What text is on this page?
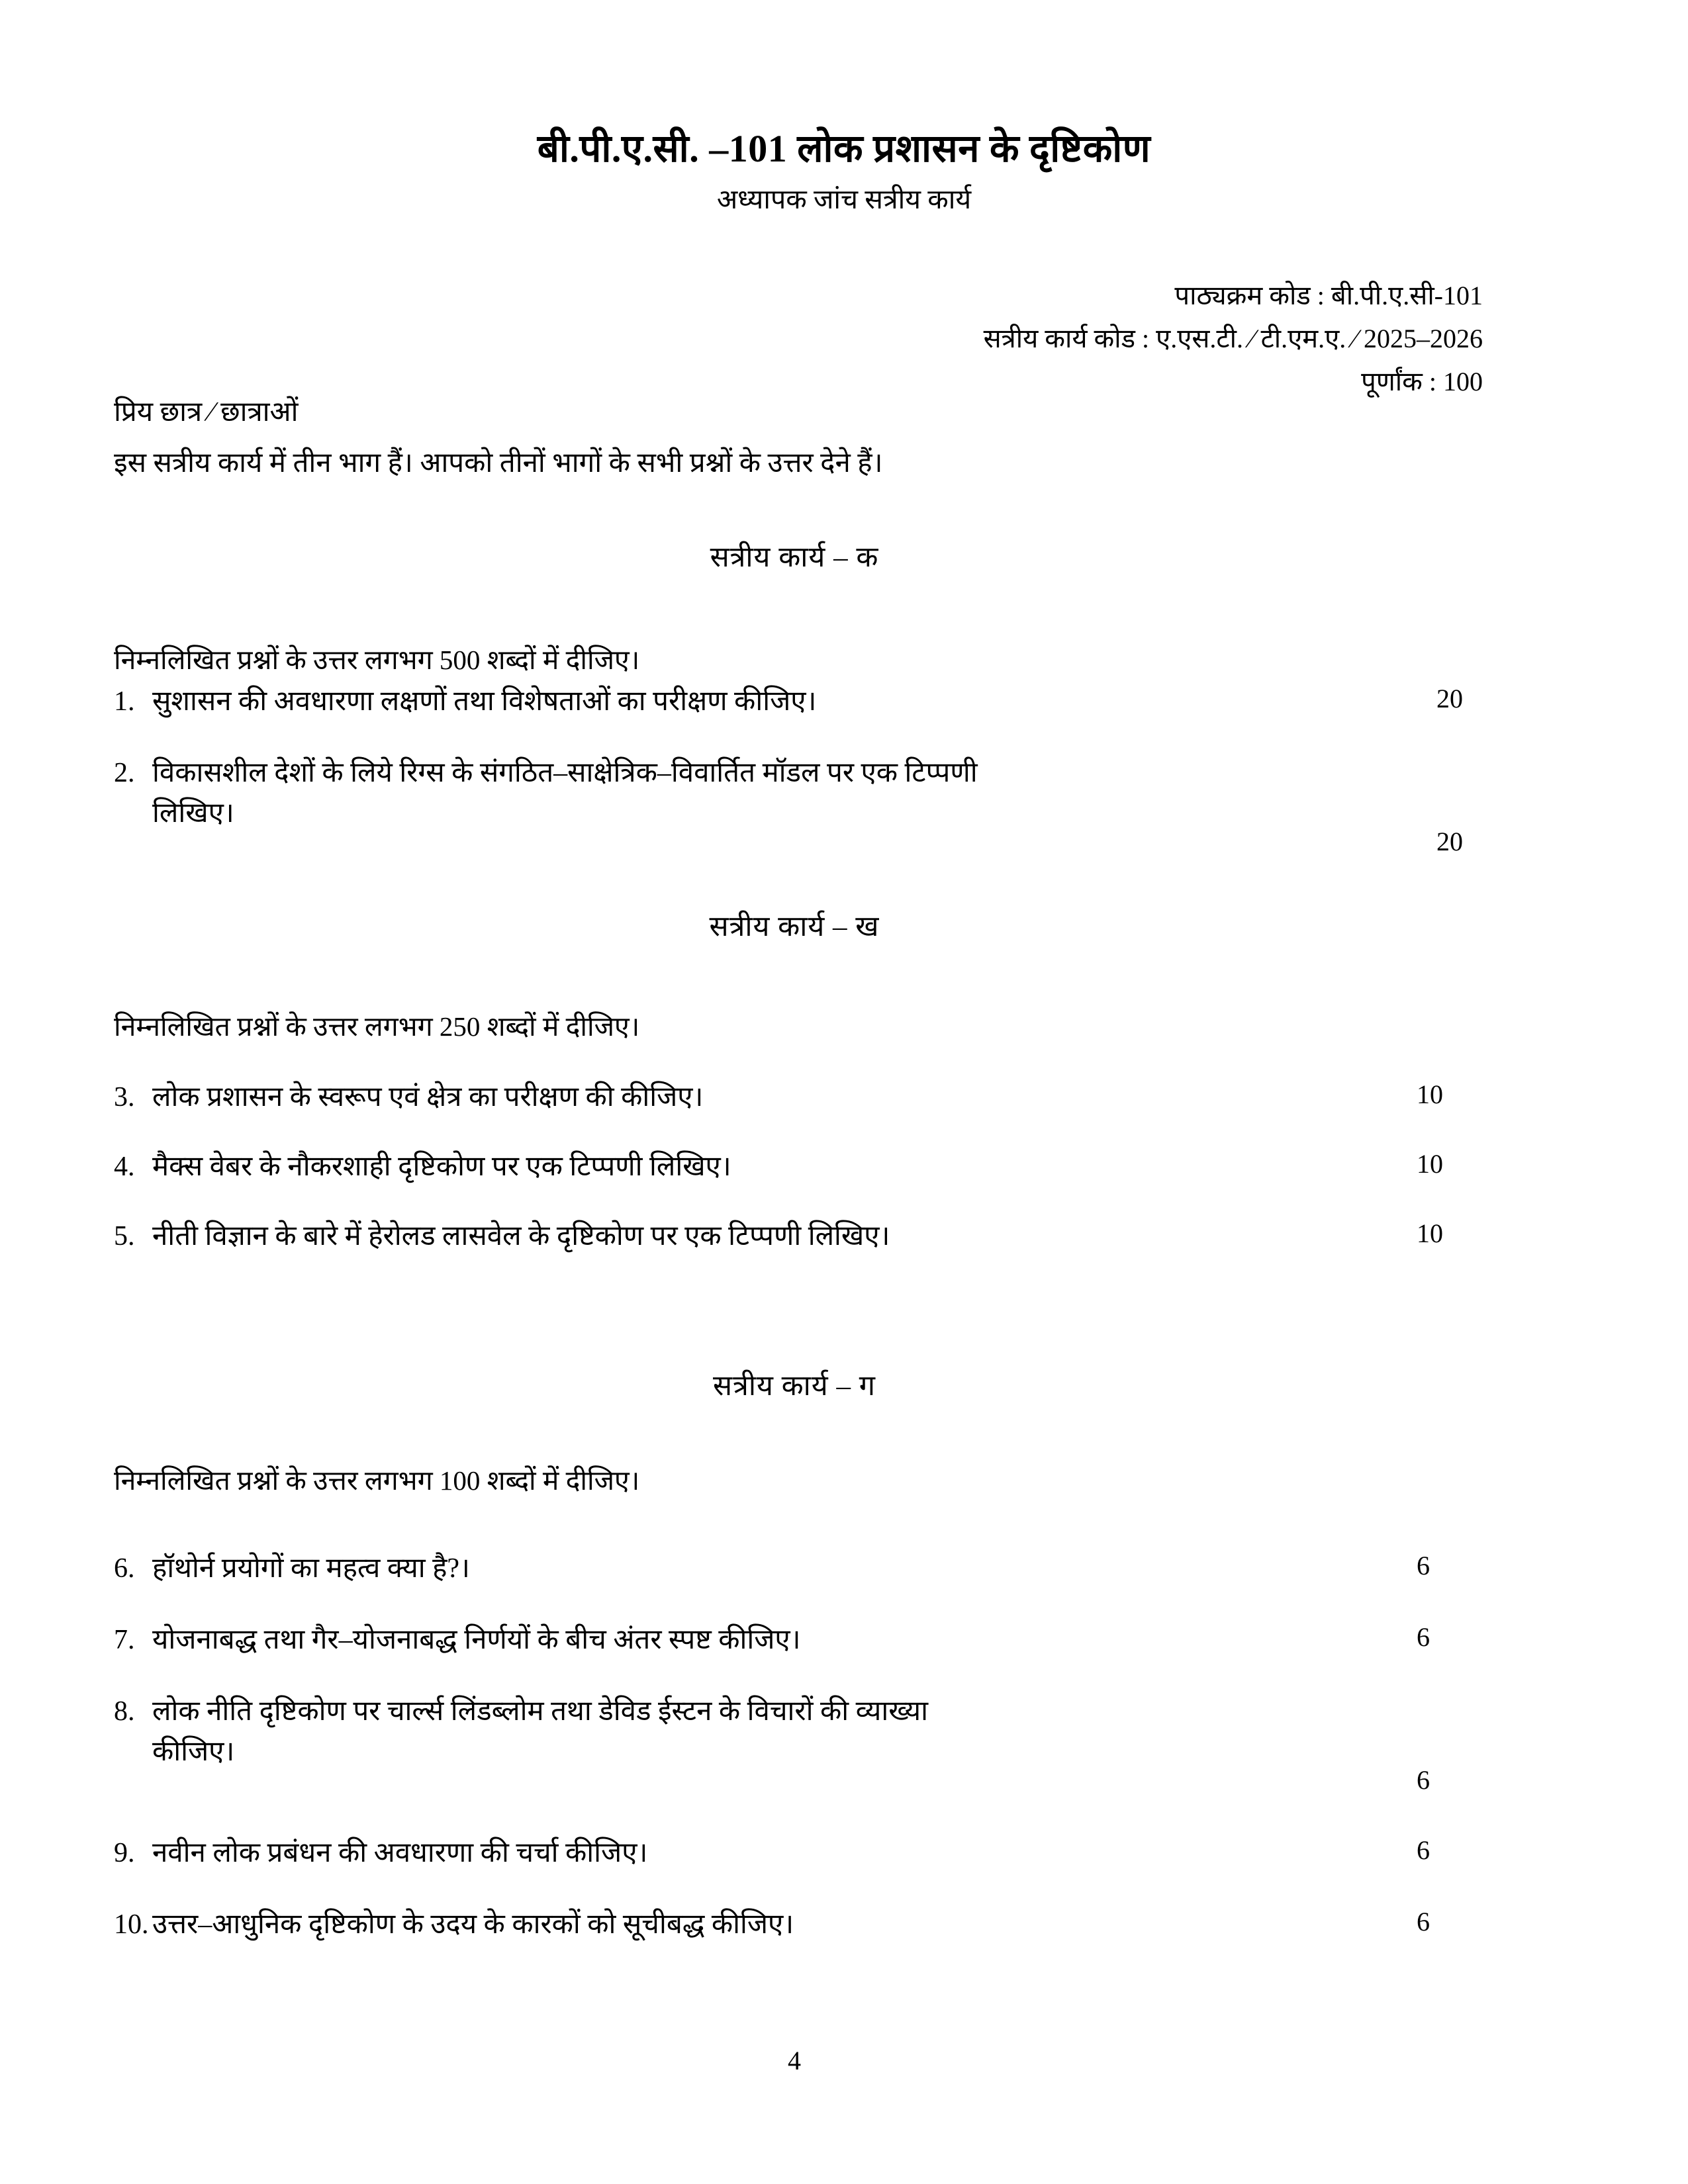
बी.पी.ए.सी. –101 लोक प्रशासन के दृष्टिकोण
अध्यापक जांच सत्रीय कार्य
पाठ्यक्रम कोड : बी.पी.ए.सी-101
सत्रीय कार्य कोड : ए.एस.टी. ⁄ टी.एम.ए. ⁄ 2025–2026
पूर्णांक : 100
प्रिय छात्र ⁄ छात्राओं
इस सत्रीय कार्य में तीन भाग हैं। आपको तीनों भागों के सभी प्रश्नों के उत्तर देने हैं।
सत्रीय कार्य – क
निम्नलिखित प्रश्नों के उत्तर लगभग 500 शब्दों में दीजिए।
1. सुशासन की अवधारणा लक्षणों तथा विशेषताओं का परीक्षण कीजिए।	20
2. विकासशील देशों के लिये रिग्स के संगठित–साक्षेत्रिक–विवार्तित मॉडल पर एक टिप्पणी
लिखिए।
20
सत्रीय कार्य – ख
निम्नलिखित प्रश्नों के उत्तर लगभग 250 शब्दों में दीजिए।
3. लोक प्रशासन के स्वरूप एवं क्षेत्र का परीक्षण की कीजिए।	10
4. मैक्स वेबर के नौकरशाही दृष्टिकोण पर एक टिप्पणी लिखिए।	10
5. नीती विज्ञान के बारे में हेरोलड लासवेल के दृष्टिकोण पर एक टिप्पणी लिखिए।	10
सत्रीय कार्य – ग
निम्नलिखित प्रश्नों के उत्तर लगभग 100 शब्दों में दीजिए।
6. हॉथोर्न प्रयोगों का महत्व क्या है?।	6
7. योजनाबद्ध तथा गैर–योजनाबद्ध निर्णयों के बीच अंतर स्पष्ट कीजिए।	6
8. लोक नीति दृष्टिकोण पर चार्ल्स लिंडब्लोम तथा डेविड ईस्टन के विचारों की व्याख्या
कीजिए।
6
9. नवीन लोक प्रबंधन की अवधारणा की चर्चा कीजिए।	6
10. उत्तर–आधुनिक दृष्टिकोण के उदय के कारकों को सूचीबद्ध कीजिए।	6
4
